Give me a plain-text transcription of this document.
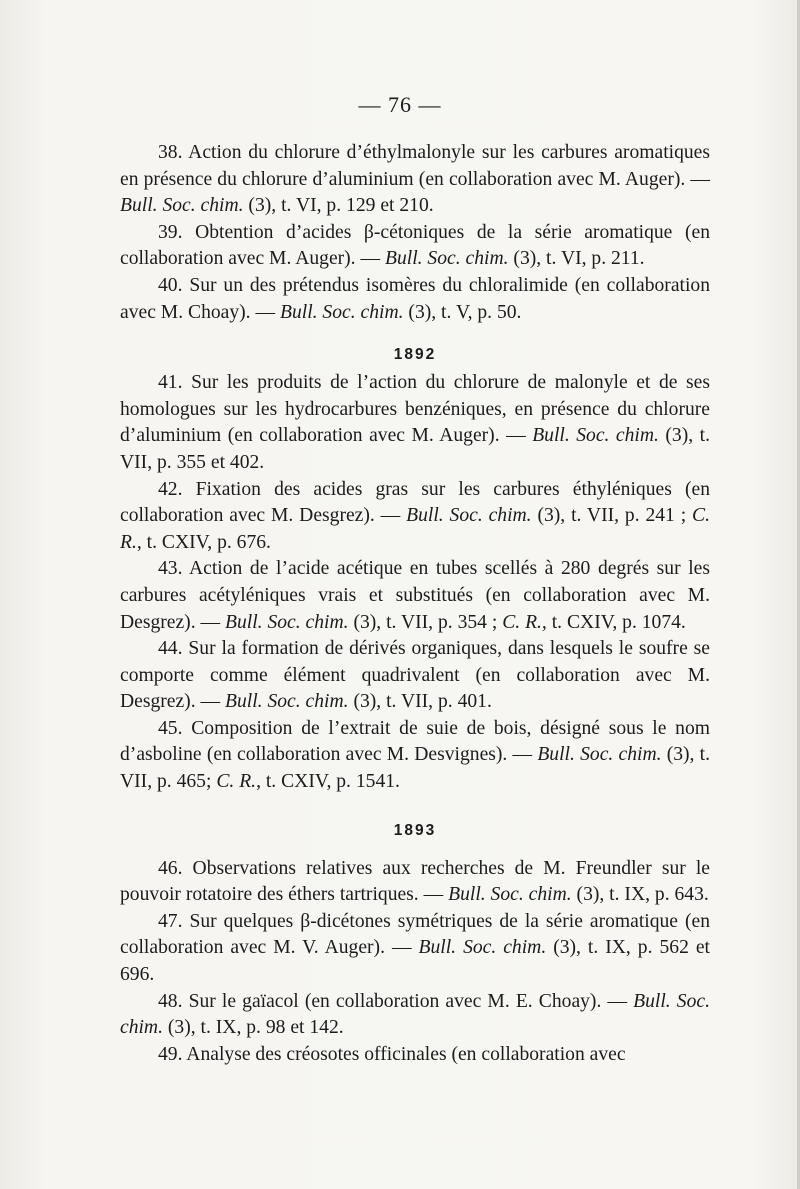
— 76 —

38. Action du chlorure d’éthylmalonyle sur les carbures aromatiques en présence du chlorure d’aluminium (en collaboration avec M. Auger). — Bull. Soc. chim. (3), t. VI, p. 129 et 210.

39. Obtention d’acides β-cétoniques de la série aromatique (en collaboration avec M. Auger). — Bull. Soc. chim. (3), t. VI, p. 211.

40. Sur un des prétendus isomères du chloralimide (en collaboration avec M. Choay). — Bull. Soc. chim. (3), t. V, p. 50.

1892

41. Sur les produits de l’action du chlorure de malonyle et de ses homologues sur les hydrocarbures benzéniques, en présence du chlorure d’aluminium (en collaboration avec M. Auger). — Bull. Soc. chim. (3), t. VII, p. 355 et 402.

42. Fixation des acides gras sur les carbures éthyléniques (en collaboration avec M. Desgrez). — Bull. Soc. chim. (3), t. VII, p. 241 ; C. R., t. CXIV, p. 676.

43. Action de l’acide acétique en tubes scellés à 280 degrés sur les carbures acétyléniques vrais et substitués (en collaboration avec M. Desgrez). — Bull. Soc. chim. (3), t. VII, p. 354 ; C. R., t. CXIV, p. 1074.

44. Sur la formation de dérivés organiques, dans lesquels le soufre se comporte comme élément quadrivalent (en collaboration avec M. Desgrez). — Bull. Soc. chim. (3), t. VII, p. 401.

45. Composition de l’extrait de suie de bois, désigné sous le nom d’asboline (en collaboration avec M. Desvignes). — Bull. Soc. chim. (3), t. VII, p. 465; C. R., t. CXIV, p. 1541.

1893

46. Observations relatives aux recherches de M. Freundler sur le pouvoir rotatoire des éthers tartriques. — Bull. Soc. chim. (3), t. IX, p. 643.

47. Sur quelques β-dicétones symétriques de la série aromatique (en collaboration avec M. V. Auger). — Bull. Soc. chim. (3), t. IX, p. 562 et 696.

48. Sur le gaïacol (en collaboration avec M. E. Choay). — Bull. Soc. chim. (3), t. IX, p. 98 et 142.

49. Analyse des créosotes officinales (en collaboration avec
